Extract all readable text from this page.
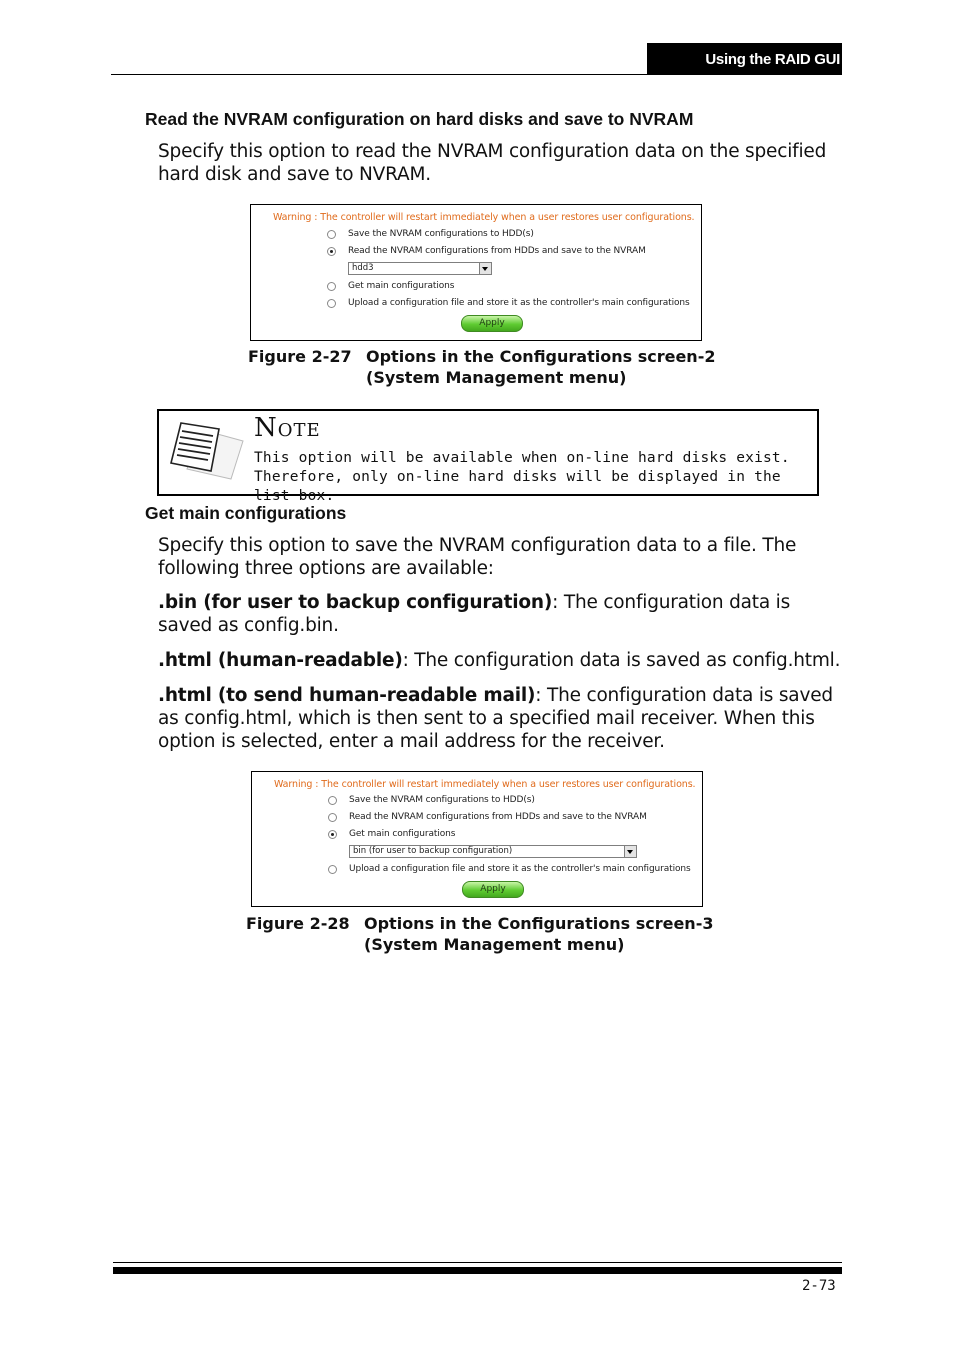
Using the RAID GUI
Read the NVRAM configuration on hard disks and save to NVRAM
Specify this option to read the NVRAM configuration data on the specified hard disk and save to NVRAM.
Warning : The controller will restart immediately when a user restores user configurations.
Save the NVRAM configurations to HDD(s)
Read the NVRAM configurations from HDDs and save to the NVRAM
hdd3
Get main configurations
Upload a configuration file and store it as the controller's main configurations
Apply
Figure 2-27 Options in the Configurations screen-2
(System Management menu)
Note
This option will be available when on-line hard disks exist. Therefore, only on-line hard disks will be displayed in the list box.
Get main configurations
Specify this option to save the NVRAM configuration data to a file. The following three options are available:
.bin (for user to backup configuration): The configuration data is saved as config.bin.
.html (human-readable): The configuration data is saved as config.html.
.html (to send human-readable mail): The configuration data is saved as config.html, which is then sent to a specified mail receiver. When this option is selected, enter a mail address for the receiver.
Warning : The controller will restart immediately when a user restores user configurations.
Save the NVRAM configurations to HDD(s)
Read the NVRAM configurations from HDDs and save to the NVRAM
Get main configurations
bin (for user to backup configuration)
Upload a configuration file and store it as the controller's main configurations
Apply
Figure 2-28 Options in the Configurations screen-3
(System Management menu)
2-73
